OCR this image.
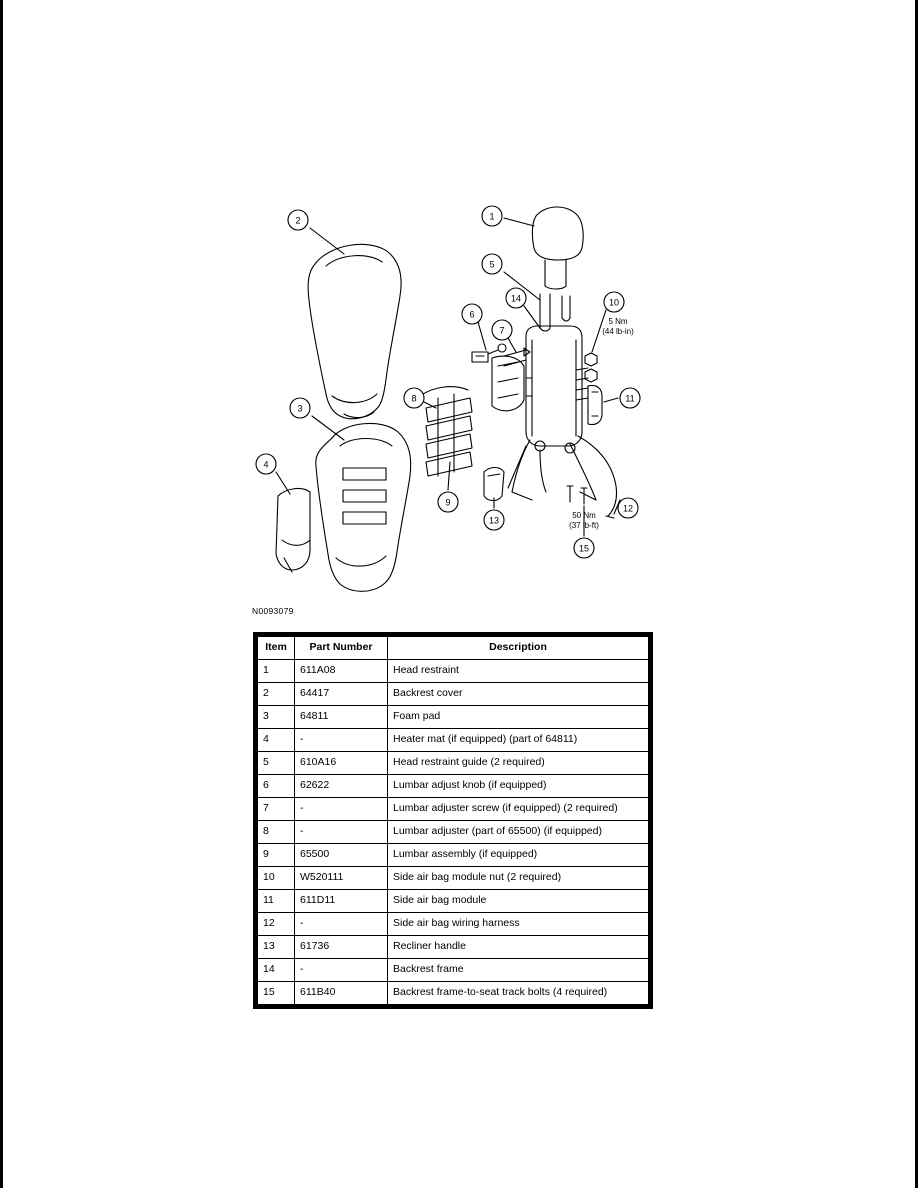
1
2
3
4
5
6
7
8
9
10
11
12
13
14
15
5 Nm
(44 lb-in)
50 Nm
(37 lb-ft)
N0093079
Item	Part Number	Description
1	611A08	Head restraint
2	64417	Backrest cover
3	64811	Foam pad
4	-	Heater mat (if equipped) (part of 64811)
5	610A16	Head restraint guide (2 required)
6	62622	Lumbar adjust knob (if equipped)
7	-	Lumbar adjuster screw (if equipped) (2 required)
8	-	Lumbar adjuster (part of 65500) (if equipped)
9	65500	Lumbar assembly (if equipped)
10	W520111	Side air bag module nut (2 required)
11	611D11	Side air bag module
12	-	Side air bag wiring harness
13	61736	Recliner handle
14	-	Backrest frame
15	611B40	Backrest frame-to-seat track bolts (4 required)
